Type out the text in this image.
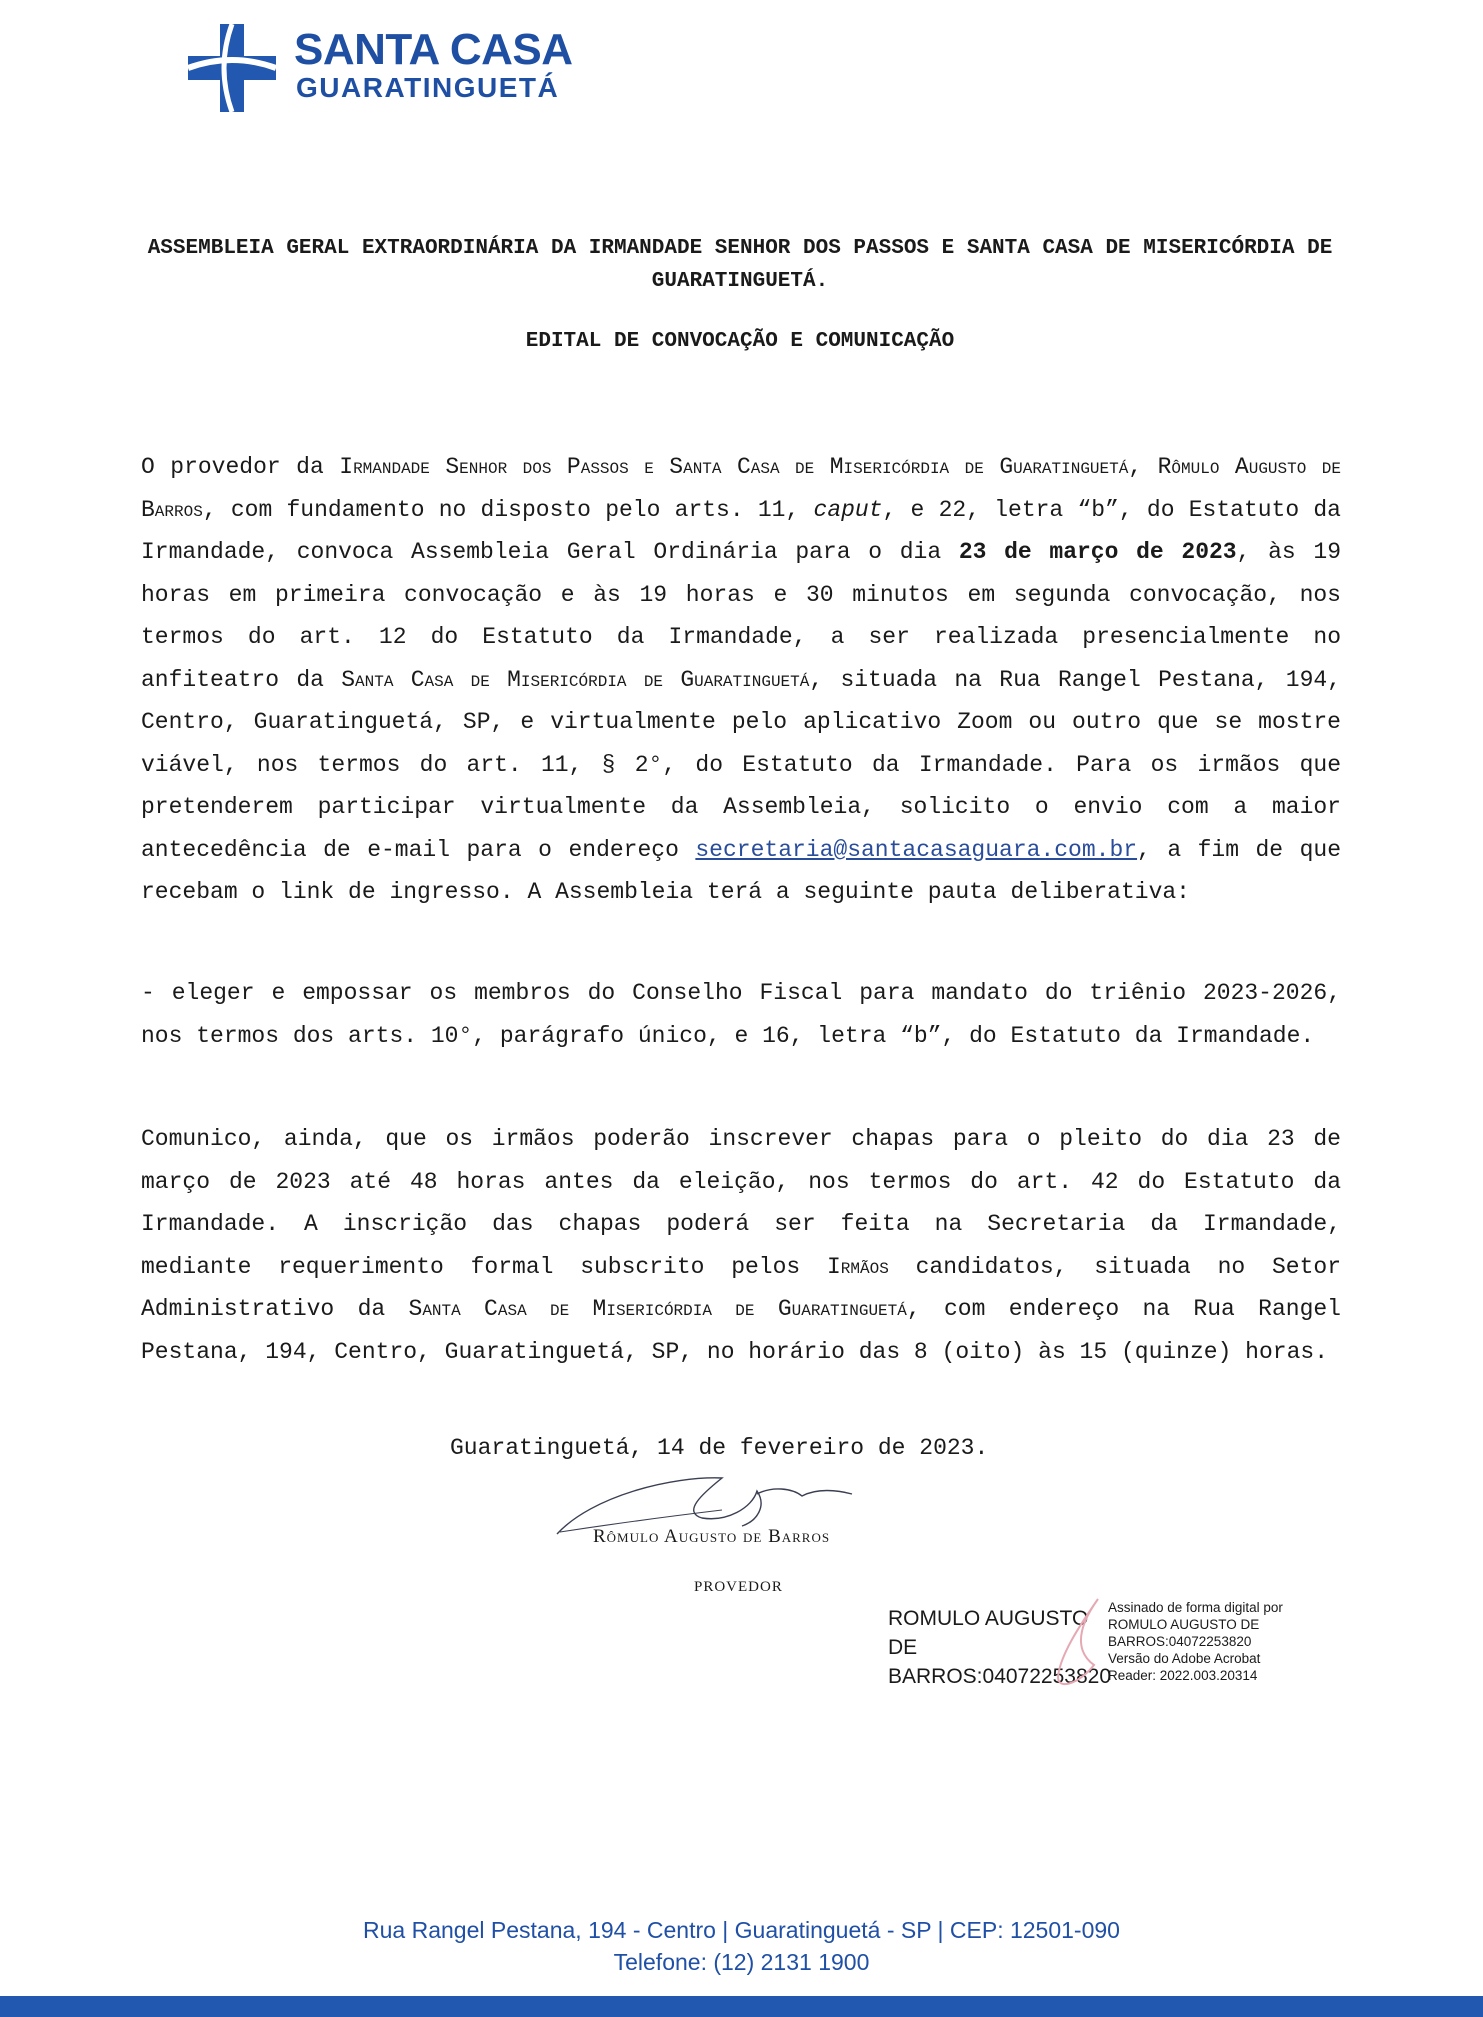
SANTA CASA
GUARATINGUETÁ
ASSEMBLEIA GERAL EXTRAORDINÁRIA DA IRMANDADE SENHOR DOS PASSOS E SANTA CASA DE MISERICÓRDIA DE GUARATINGUETÁ.
EDITAL DE CONVOCAÇÃO E COMUNICAÇÃO

O provedor da Irmandade Senhor dos Passos e Santa Casa de Misericórdia de Guaratinguetá, Rômulo Augusto de Barros, com fundamento no disposto pelo arts. 11, caput, e 22, letra “b”, do Estatuto da Irmandade, convoca Assembleia Geral Ordinária para o dia 23 de março de 2023, às 19 horas em primeira convocação e às 19 horas e 30 minutos em segunda convocação, nos termos do art. 12 do Estatuto da Irmandade, a ser realizada presencialmente no anfiteatro da Santa Casa de Misericórdia de Guaratinguetá, situada na Rua Rangel Pestana, 194, Centro, Guaratinguetá, SP, e virtualmente pelo aplicativo Zoom ou outro que se mostre viável, nos termos do art. 11, § 2°, do Estatuto da Irmandade. Para os irmãos que pretenderem participar virtualmente da Assembleia, solicito o envio com a maior antecedência de e-mail para o endereço secretaria@santacasaguara.com.br, a fim de que recebam o link de ingresso. A Assembleia terá a seguinte pauta deliberativa:

- eleger e empossar os membros do Conselho Fiscal para mandato do triênio 2023-2026, nos termos dos arts. 10°, parágrafo único, e 16, letra “b”, do Estatuto da Irmandade.

Comunico, ainda, que os irmãos poderão inscrever chapas para o pleito do dia 23 de março de 2023 até 48 horas antes da eleição, nos termos do art. 42 do Estatuto da Irmandade. A inscrição das chapas poderá ser feita na Secretaria da Irmandade, mediante requerimento formal subscrito pelos Irmãos candidatos, situada no Setor Administrativo da Santa Casa de Misericórdia de Guaratinguetá, com endereço na Rua Rangel Pestana, 194, Centro, Guaratinguetá, SP, no horário das 8 (oito) às 15 (quinze) horas.

Guaratinguetá, 14 de fevereiro de 2023.
Rômulo Augusto de Barros
PROVEDOR
ROMULO AUGUSTO
DE
BARROS:04072253820
Assinado de forma digital por
ROMULO AUGUSTO DE
BARROS:04072253820
Versão do Adobe Acrobat
Reader: 2022.003.20314
Rua Rangel Pestana, 194 - Centro | Guaratinguetá - SP | CEP: 12501-090
Telefone: (12) 2131 1900
